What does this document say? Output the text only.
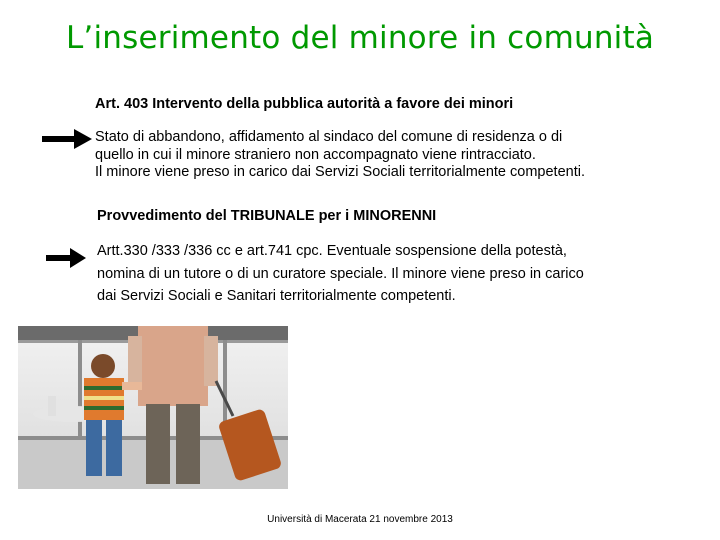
L’inserimento del minore in comunità
Art. 403 Intervento della pubblica autorità a favore dei minori
Stato di abbandono, affidamento al sindaco del comune di residenza o di
quello in cui il minore straniero non accompagnato viene rintracciato.
Il minore viene preso in carico dai Servizi Sociali territorialmente competenti.
Provvedimento del TRIBUNALE per i MINORENNI
Artt.330 /333 /336 cc e art.741 cpc. Eventuale sospensione della potestà,
nomina di un tutore o di un curatore speciale. Il minore viene preso in carico
dai Servizi Sociali e Sanitari territorialmente competenti.
Università di Macerata 21 novembre 2013
